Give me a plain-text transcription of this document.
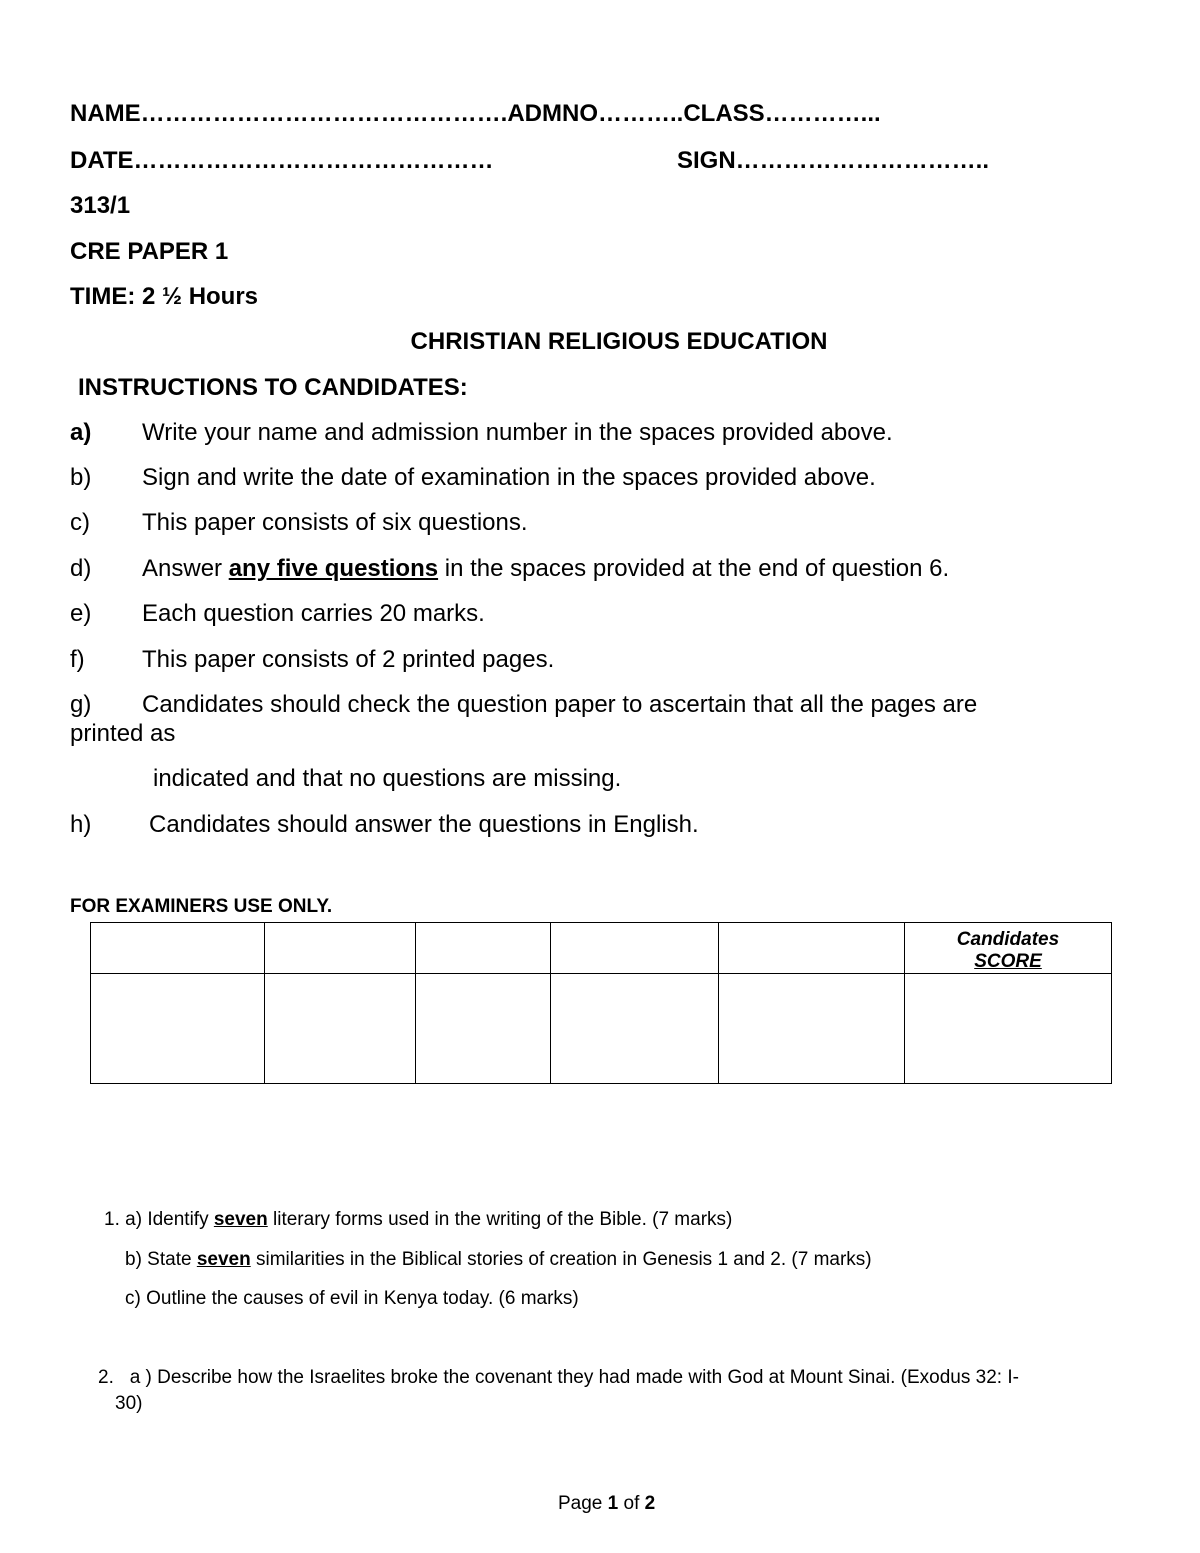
NAME……………………………………….ADMNO………..CLASS…………...
DATE………………………………………	SIGN…………………………..
313/1
CRE PAPER 1
TIME: 2 ½ Hours
CHRISTIAN RELIGIOUS EDUCATION
INSTRUCTIONS TO CANDIDATES:
a) Write your name and admission number in the spaces provided above.
b) Sign and write the date of examination in the spaces provided above.
c) This paper consists of six questions.
d) Answer any five questions in the spaces provided at the end of question 6.
e) Each question carries 20 marks.
f) This paper consists of 2 printed pages.
g) Candidates should check the question paper to ascertain that all the pages are
printed as
indicated and that no questions are missing.
h) Candidates should answer the questions in English.
FOR EXAMINERS USE ONLY.
					Candidates
SCORE

1. a) Identify seven literary forms used in the writing of the Bible. (7 marks)
b) State seven similarities in the Biblical stories of creation in Genesis 1 and 2. (7 marks)
c) Outline the causes of evil in Kenya today. (6 marks)
2. a ) Describe how the Israelites broke the covenant they had made with God at Mount Sinai. (Exodus 32: I-
30)
Page 1 of 2
